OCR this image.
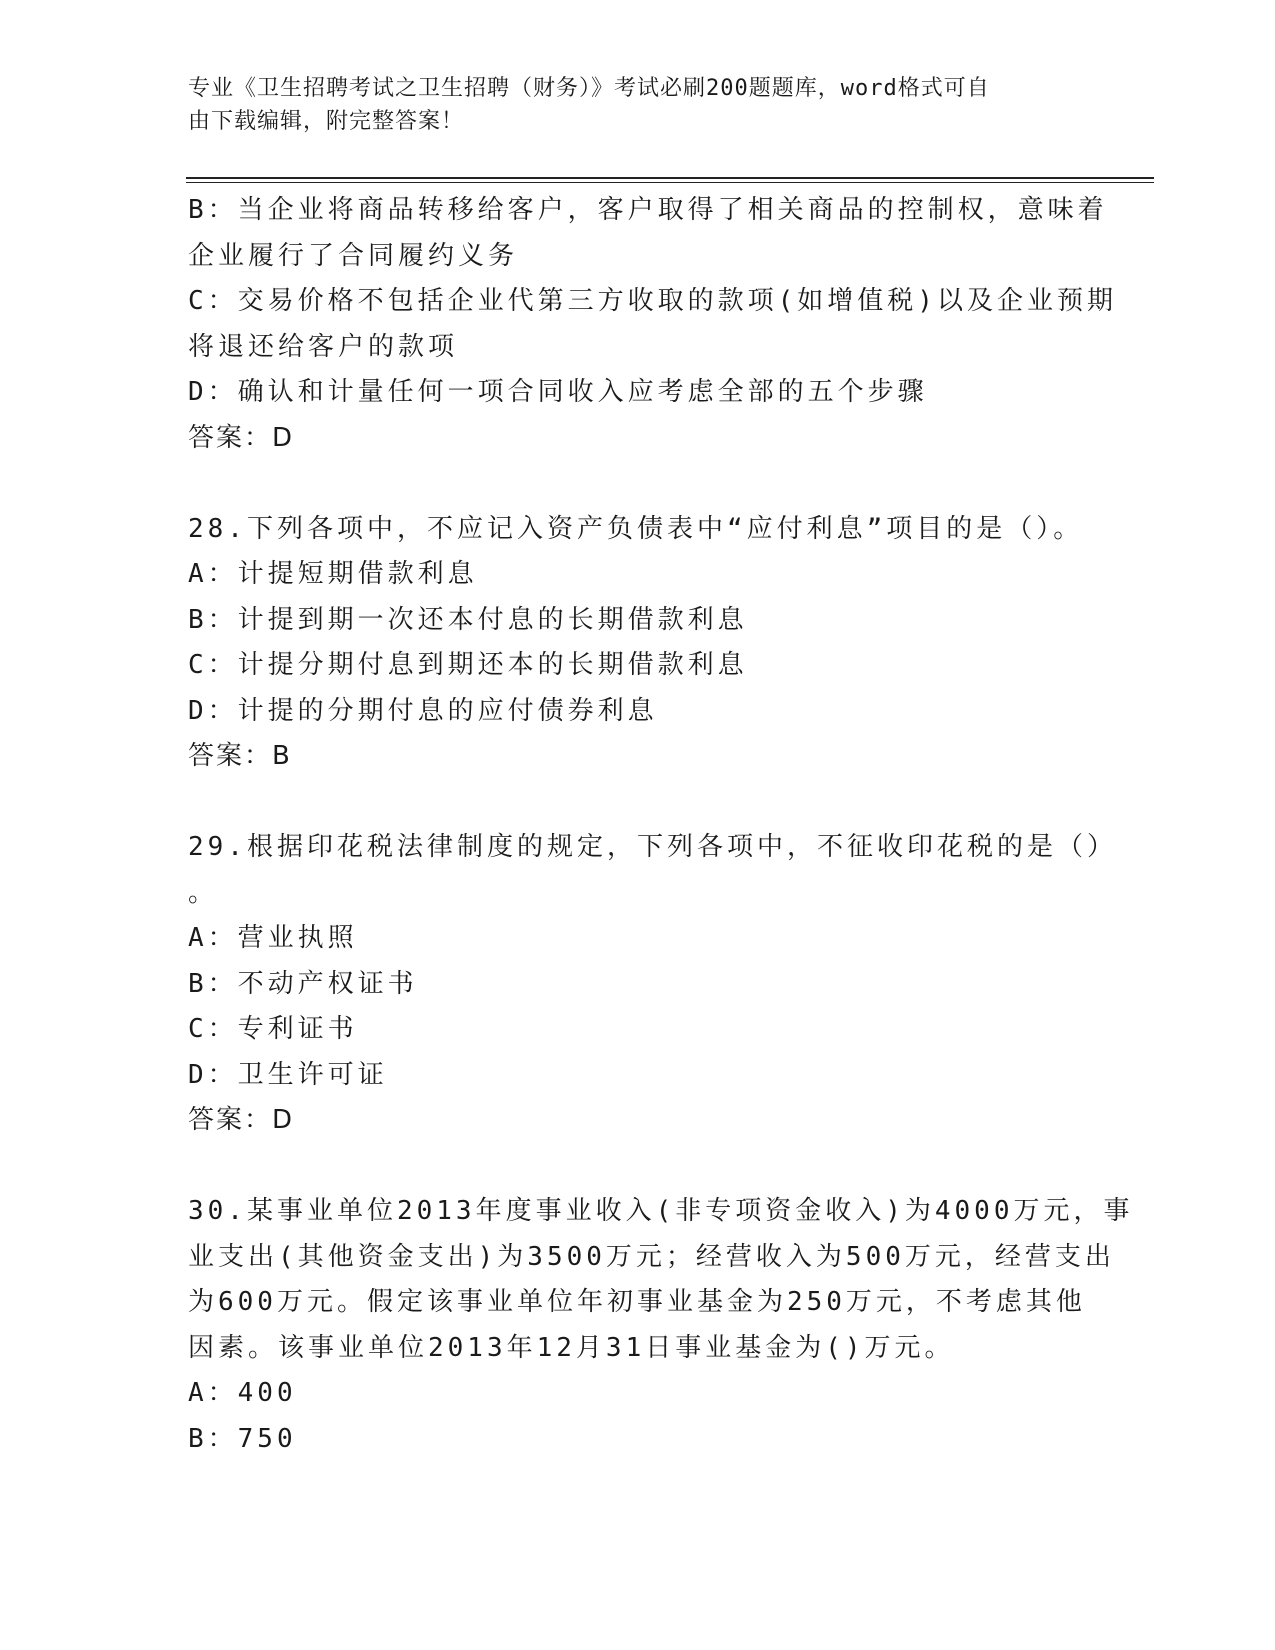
专业《卫生招聘考试之卫生招聘（财务）》考试必刷200题题库，word格式可自
由下载编辑，附完整答案！
B：当企业将商品转移给客户，客户取得了相关商品的控制权，意味着
企业履行了合同履约义务
C：交易价格不包括企业代第三方收取的款项(如增值税)以及企业预期
将退还给客户的款项
D：确认和计量任何一项合同收入应考虑全部的五个步骤
答案：D
28.下列各项中，不应记入资产负债表中“应付利息”项目的是（）。
A：计提短期借款利息
B：计提到期一次还本付息的长期借款利息
C：计提分期付息到期还本的长期借款利息
D：计提的分期付息的应付债券利息
答案：B
29.根据印花税法律制度的规定，下列各项中，不征收印花税的是（）
。
A：营业执照
B：不动产权证书
C：专利证书
D：卫生许可证
答案：D
30.某事业单位2013年度事业收入(非专项资金收入)为4000万元，事
业支出(其他资金支出)为3500万元；经营收入为500万元，经营支出
为600万元。假定该事业单位年初事业基金为250万元，不考虑其他
因素。该事业单位2013年12月31日事业基金为()万元。
A：400
B：750
